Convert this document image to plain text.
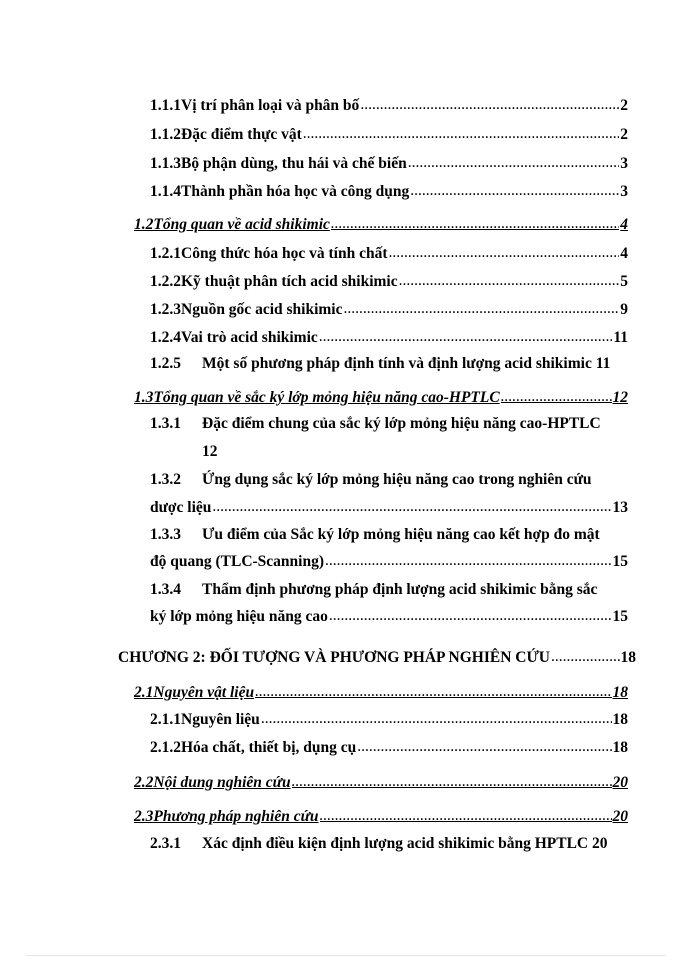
1.1.1 Vị trí phân loại và phân bố .....	2
1.1.2 Đặc điểm thực vật .....	2
1.1.3 Bộ phận dùng, thu hái và chế biến .....	3
1.1.4 Thành phần hóa học và công dụng .....	3
1.2 Tổng quan về acid shikimic .....	4
1.2.1 Công thức hóa học và tính chất .....	4
1.2.2 Kỹ thuật phân tích acid shikimic .....	5
1.2.3 Nguồn gốc acid shikimic .....	9
1.2.4 Vai trò acid shikimic .....	11
1.2.5 Một số phương pháp định tính và định lượng acid shikimic 11
1.3 Tổng quan về sắc ký lớp mỏng hiệu năng cao-HPTLC .....	12
1.3.1 Đặc điểm chung của sắc ký lớp mỏng hiệu năng cao-HPTLC
12
1.3.2 Ứng dụng sắc ký lớp mỏng hiệu năng cao trong nghiên cứu
dược liệu .....	13
1.3.3 Ưu điểm của Sắc ký lớp mỏng hiệu năng cao kết hợp đo mật
độ quang (TLC-Scanning) .....	15
1.3.4 Thẩm định phương pháp định lượng acid shikimic bằng sắc
ký lớp mỏng hiệu năng cao .....	15
CHƯƠNG 2 : ĐỐI TƯỢNG VÀ PHƯƠNG PHÁP NGHIÊN CỨU .....	18
2.1 Nguyên vật liệu .....	18
2.1.1 Nguyên liệu .....	18
2.1.2 Hóa chất, thiết bị, dụng cụ .....	18
2.2 Nội dung nghiên cứu .....	20
2.3 Phương pháp nghiên cứu .....	20
2.3.1 Xác định điều kiện định lượng acid shikimic bằng HPTLC 20
